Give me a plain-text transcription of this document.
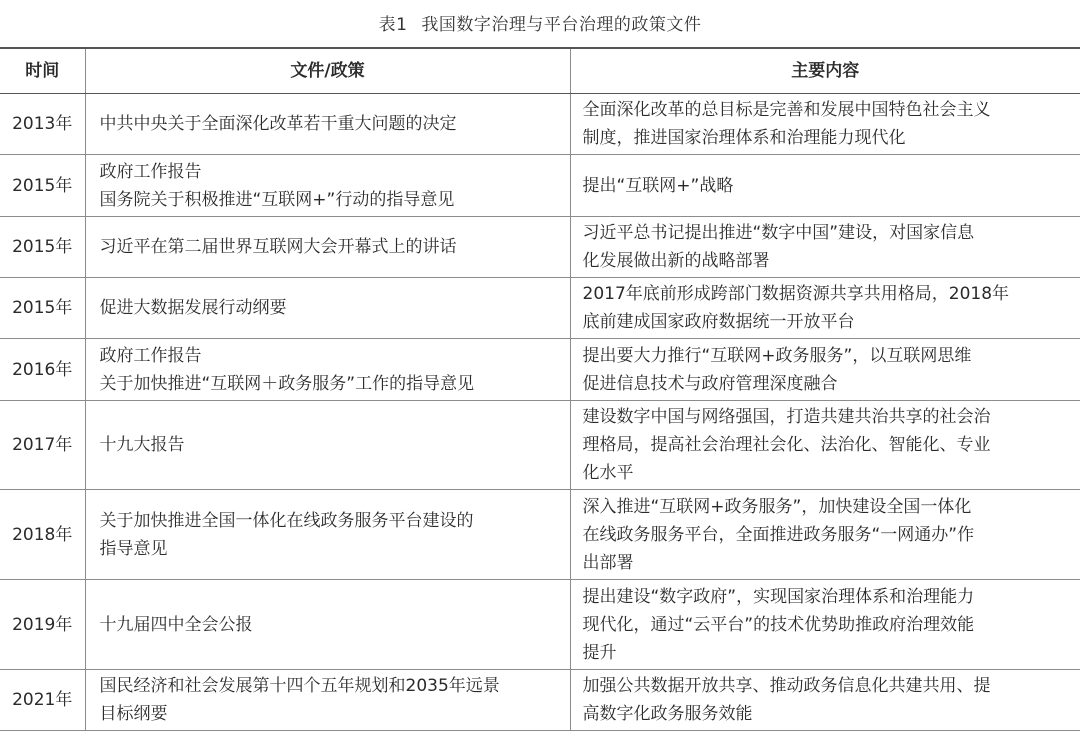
表1 我国数字治理与平台治理的政策文件
时间	文件/政策	主要内容
2013年	中共中央关于全面深化改革若干重大问题的决定	全面深化改革的总目标是完善和发展中国特色社会主义
制度，推进国家治理体系和治理能力现代化

2015年	政府工作报告
国务院关于积极推进“互联网+”行动的指导意见	提出“互联网+”战略

2015年	习近平在第二届世界互联网大会开幕式上的讲话	习近平总书记提出推进“数字中国”建设，对国家信息
化发展做出新的战略部署

2015年	促进大数据发展行动纲要	2017年底前形成跨部门数据资源共享共用格局，2018年
底前建成国家政府数据统一开放平台

2016年	政府工作报告
关于加快推进“互联网＋政务服务”工作的指导意见	提出要大力推行“互联网+政务服务”，以互联网思维
促进信息技术与政府管理深度融合

2017年	十九大报告	建设数字中国与网络强国，打造共建共治共享的社会治
理格局，提高社会治理社会化、法治化、智能化、专业
化水平

2018年	关于加快推进全国一体化在线政务服务平台建设的
指导意见	深入推进“互联网+政务服务”，加快建设全国一体化
在线政务服务平台，全面推进政务服务“一网通办”作
出部署

2019年	十九届四中全会公报	提出建设“数字政府”，实现国家治理体系和治理能力
现代化，通过“云平台”的技术优势助推政府治理效能
提升

2021年	国民经济和社会发展第十四个五年规划和2035年远景
目标纲要	加强公共数据开放共享、推动政务信息化共建共用、提
高数字化政务服务效能
